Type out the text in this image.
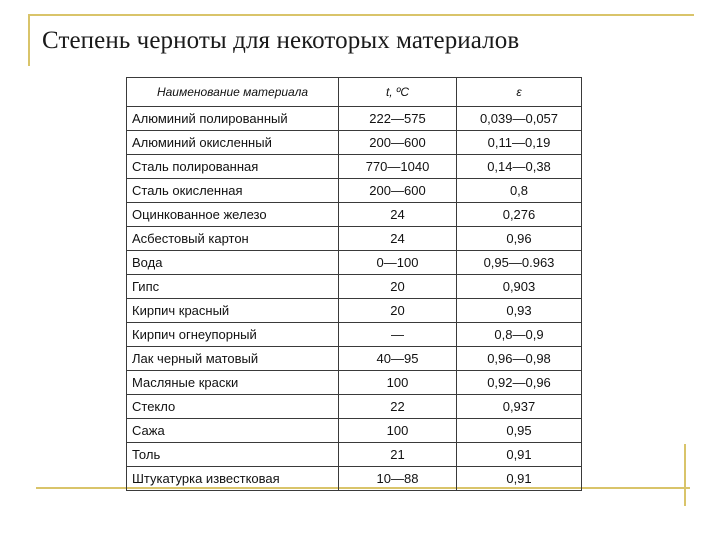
Степень черноты для некоторых материалов
Наименование материала	t, ºC	ε
Алюминий полированный	222—575	0,039—0,057
Алюминий окисленный	200—600	0,11—0,19
Сталь полированная	770—1040	0,14—0,38
Сталь окисленная	200—600	0,8
Оцинкованное железо	24	0,276
Асбестовый картон	24	0,96
Вода	0—100	0,95—0.963
Гипс	20	0,903
Кирпич красный	20	0,93
Кирпич огнеупорный	—	0,8—0,9
Лак черный матовый	40—95	0,96—0,98
Масляные краски	100	0,92—0,96
Стекло	22	0,937
Сажа	100	0,95
Толь	21	0,91
Штукатурка известковая	10—88	0,91
